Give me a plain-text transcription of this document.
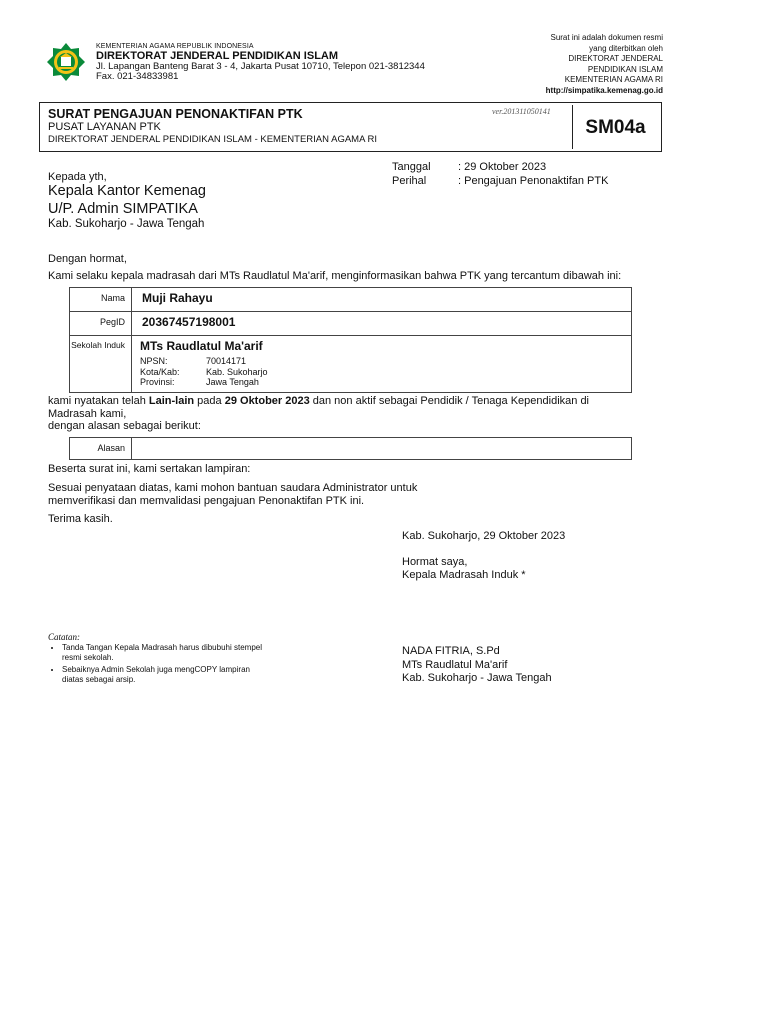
KEMENTERIAN AGAMA REPUBLIK INDONESIA
DIREKTORAT JENDERAL PENDIDIKAN ISLAM
Jl. Lapangan Banteng Barat 3 - 4, Jakarta Pusat 10710, Telepon 021-3812344
Fax. 021-34833981
Surat ini adalah dokumen resmi
yang diterbitkan oleh
DIREKTORAT JENDERAL
PENDIDIKAN ISLAM
KEMENTERIAN AGAMA RI
http://simpatika.kemenag.go.id
SURAT PENGAJUAN PENONAKTIFAN PTK
PUSAT LAYANAN PTK
DIREKTORAT JENDERAL PENDIDIKAN ISLAM - KEMENTERIAN AGAMA RI
ver.201311050141
SM04a
Kepada yth,
Kepala Kantor Kemenag
U/P. Admin SIMPATIKA
Kab. Sukoharjo - Jawa Tengah
Tanggal : 29 Oktober 2023
Perihal	: Pengajuan Penonaktifan PTK
Dengan hormat,
Kami selaku kepala madrasah dari MTs Raudlatul Ma'arif, menginformasikan bahwa PTK yang tercantum dibawah ini:
Nama	Muji Rahayu
PegID	20367457198001
Sekolah Induk	MTs Raudlatul Ma'arif
NPSN:	70014171
Kota/Kab:	Kab. Sukoharjo
Provinsi:	Jawa Tengah
kami nyatakan telah Lain-lain pada 29 Oktober 2023 dan non aktif sebagai Pendidik / Tenaga Kependidikan di Madrasah kami,
dengan alasan sebagai berikut:
Alasan
Beserta surat ini, kami sertakan lampiran:
Sesuai penyataan diatas, kami mohon bantuan saudara Administrator untuk
memverifikasi dan memvalidasi pengajuan Penonaktifan PTK ini.
Terima kasih.
Kab. Sukoharjo, 29 Oktober 2023
Hormat saya,
Kepala Madrasah Induk *
Catatan:
• Tanda Tangan Kepala Madrasah harus dibubuhi stempel resmi sekolah.
• Sebaiknya Admin Sekolah juga mengCOPY lampiran diatas sebagai arsip.
NADA FITRIA, S.Pd
MTs Raudlatul Ma'arif
Kab. Sukoharjo - Jawa Tengah
